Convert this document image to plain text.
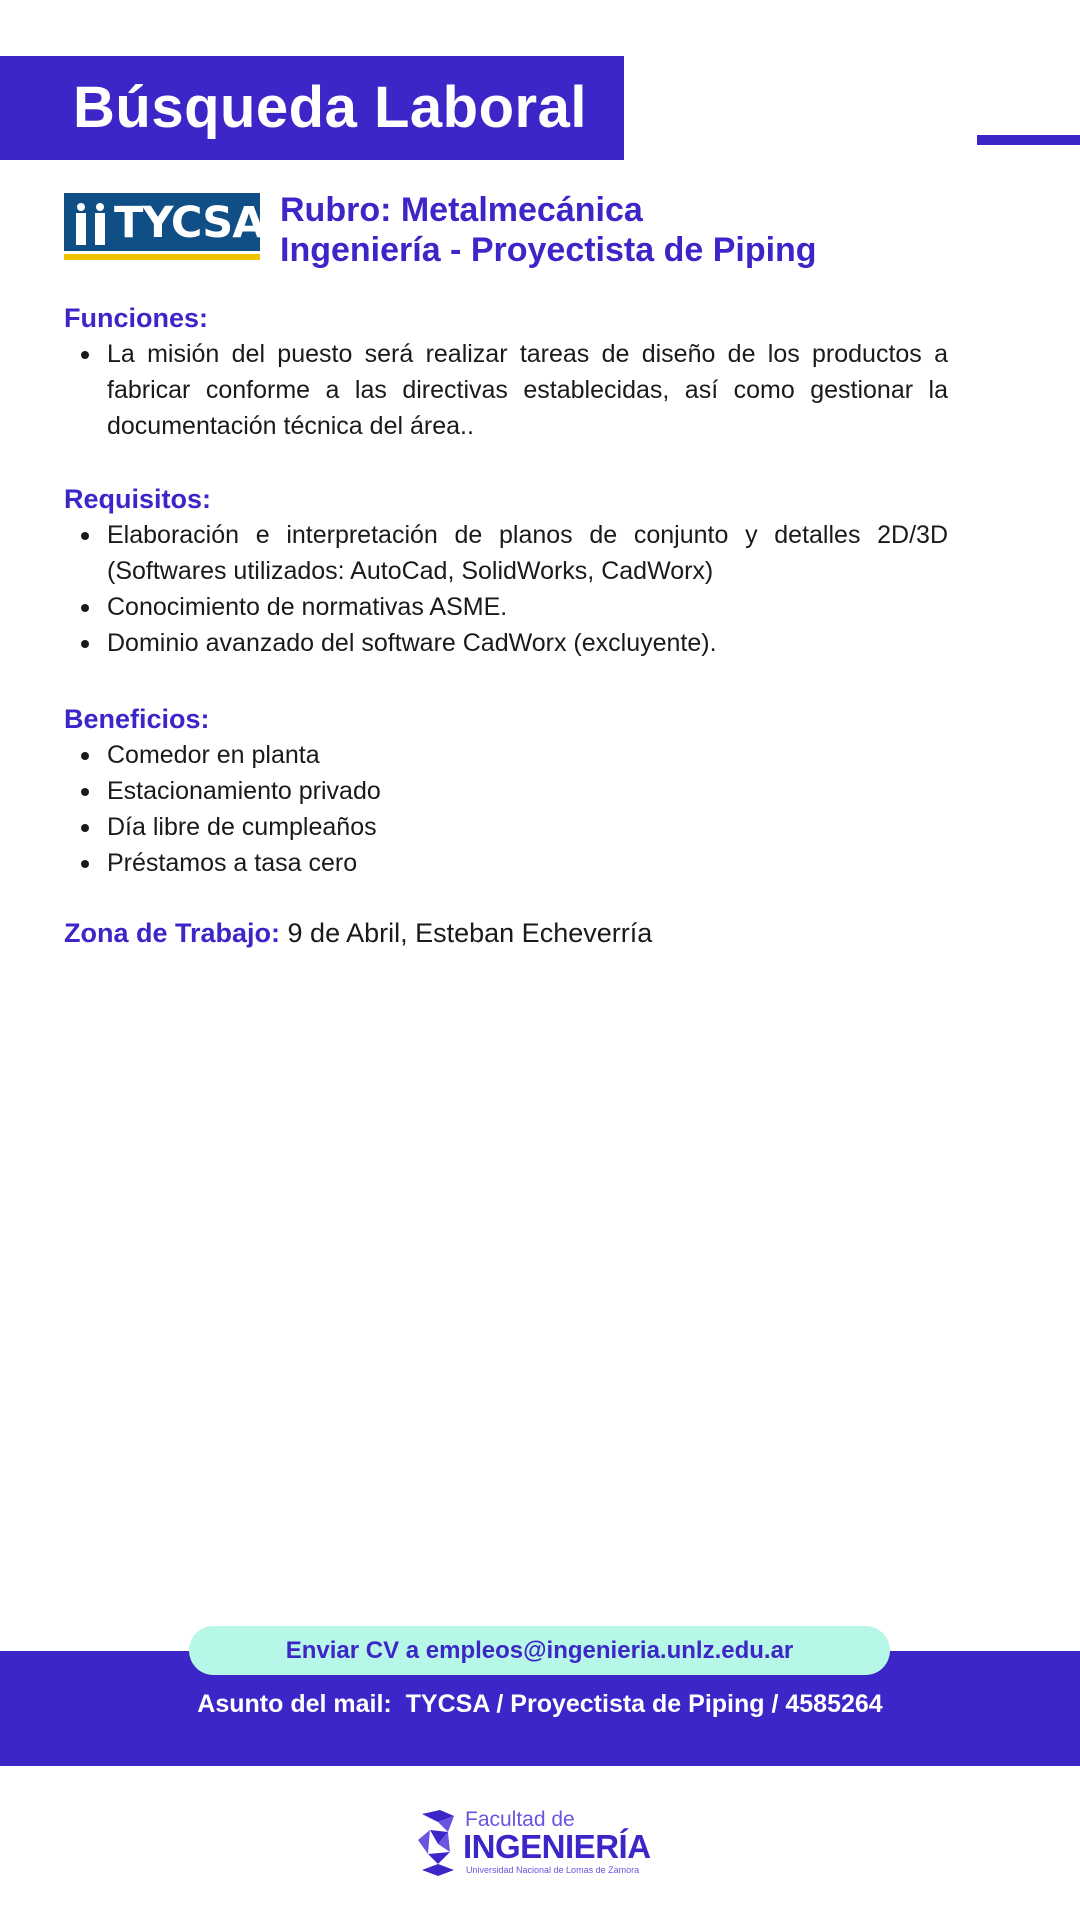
Búsqueda Laboral
TYCSA Rubro: Metalmecánica
Ingeniería - Proyectista de Piping

Funciones:

La misión del puesto será realizar tareas de diseño de los productos a fabricar conforme a las directivas establecidas, así como gestionar la documentación técnica del área..

Requisitos:

Elaboración e interpretación de planos de conjunto y detalles 2D/3D (Softwares utilizados: AutoCad, SolidWorks, CadWorx)
Conocimiento de normativas ASME.
Dominio avanzado del software CadWorx (excluyente).

Beneficios:

Comedor en planta
Estacionamiento privado
Día libre de cumpleaños
Préstamos a tasa cero
Zona de Trabajo: 9 de Abril, Esteban Echeverría
Enviar CV a empleos@ingenieria.unlz.edu.ar
Asunto del mail:  TYCSA / Proyectista de Piping / 4585264
Facultad de
INGENIERÍA
Universidad Nacional de Lomas de Zamora
